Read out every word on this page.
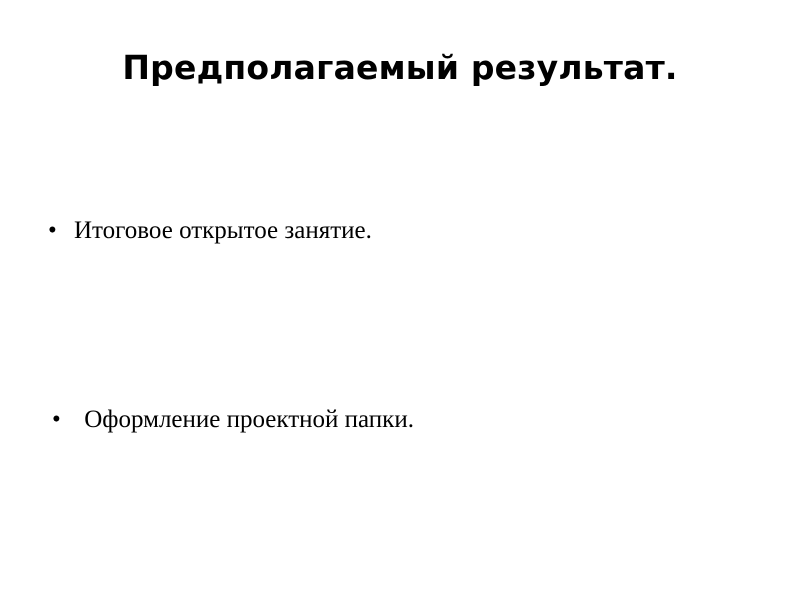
Предполагаемый результат.

• Итоговое открытое занятие.

• Оформление проектной папки.
